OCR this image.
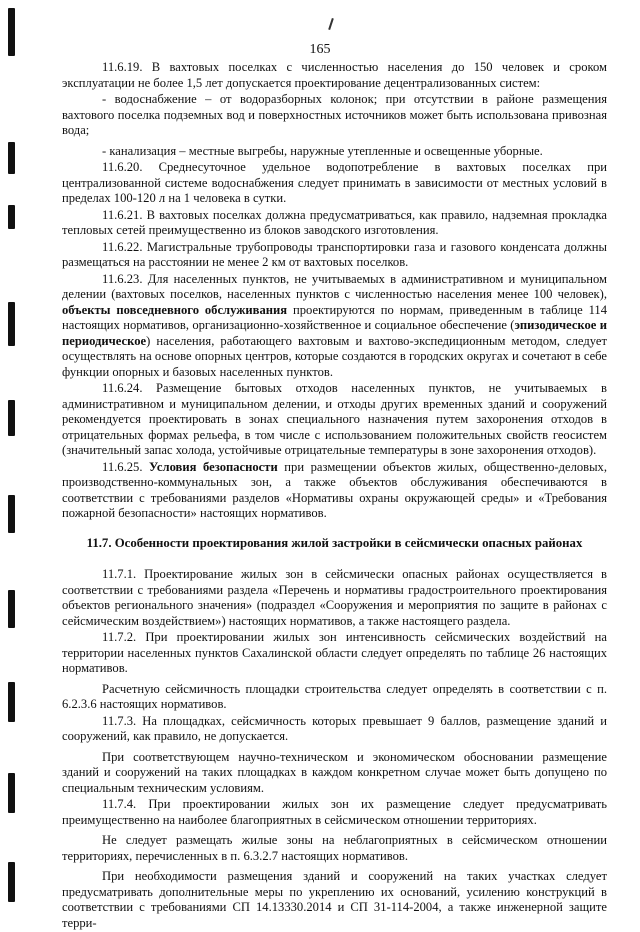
165

11.6.19. В вахтовых поселках с численностью населения до 150 человек и сроком эксплуатации не более 1,5 лет допускается проектирование децентрализованных систем:

- водоснабжение – от водоразборных колонок; при отсутствии в районе размещения вахтового поселка подземных вод и поверхностных источников может быть использована привозная вода;

- канализация – местные выгребы, наружные утепленные и освещенные уборные.

11.6.20. Среднесуточное удельное водопотребление в вахтовых поселках при централизованной системе водоснабжения следует принимать в зависимости от местных условий в пределах 100-120 л на 1 человека в сутки.

11.6.21. В вахтовых поселках должна предусматриваться, как правило, надземная прокладка тепловых сетей преимущественно из блоков заводского изготовления.

11.6.22. Магистральные трубопроводы транспортировки газа и газового конденсата должны размещаться на расстоянии не менее 2 км от вахтовых поселков.

11.6.23. Для населенных пунктов, не учитываемых в административном и муниципальном делении (вахтовых поселков, населенных пунктов с численностью населения менее 100 человек), объекты повседневного обслуживания проектируются по нормам, приведенным в таблице 114 настоящих нормативов, организационно-хозяйственное и социальное обеспечение (эпизодическое и периодическое) населения, работающего вахтовым и вахтово-экспедиционным методом, следует осуществлять на основе опорных центров, которые создаются в городских округах и сочетают в себе функции опорных и базовых населенных пунктов.

11.6.24. Размещение бытовых отходов населенных пунктов, не учитываемых в административном и муниципальном делении, и отходы других временных зданий и сооружений рекомендуется проектировать в зонах специального назначения путем захоронения отходов в отрицательных формах рельефа, в том числе с использованием положительных свойств геосистем (значительный запас холода, устойчивые отрицательные температуры в зоне захоронения отходов).

11.6.25. Условия безопасности при размещении объектов жилых, общественно-деловых, производственно-коммунальных зон, а также объектов обслуживания обеспечиваются в соответствии с требованиями разделов «Нормативы охраны окружающей среды» и «Требования пожарной безопасности» настоящих нормативов.

11.7. Особенности проектирования жилой застройки в сейсмически опасных районах

11.7.1. Проектирование жилых зон в сейсмически опасных районах осуществляется в соответствии с требованиями раздела «Перечень и нормативы градостроительного проектирования объектов регионального значения» (подраздел «Сооружения и мероприятия по защите в районах с сейсмическим воздействием») настоящих нормативов, а также настоящего раздела.

11.7.2. При проектировании жилых зон интенсивность сейсмических воздействий на территории населенных пунктов Сахалинской области следует определять по таблице 26 настоящих нормативов.

Расчетную сейсмичность площадки строительства следует определять в соответствии с п. 6.2.3.6 настоящих нормативов.

11.7.3. На площадках, сейсмичность которых превышает 9 баллов, размещение зданий и сооружений, как правило, не допускается.

При соответствующем научно-техническом и экономическом обосновании размещение зданий и сооружений на таких площадках в каждом конкретном случае может быть допущено по специальным техническим условиям.

11.7.4. При проектировании жилых зон их размещение следует предусматривать преимущественно на наиболее благоприятных в сейсмическом отношении территориях.

Не следует размещать жилые зоны на неблагоприятных в сейсмическом отношении территориях, перечисленных в п. 6.3.2.7 настоящих нормативов.

При необходимости размещения зданий и сооружений на таких участках следует предусматривать дополнительные меры по укреплению их оснований, усилению конструкций в соответствии с требованиями СП 14.13330.2014 и СП 31-114-2004, а также инженерной защите терри-
